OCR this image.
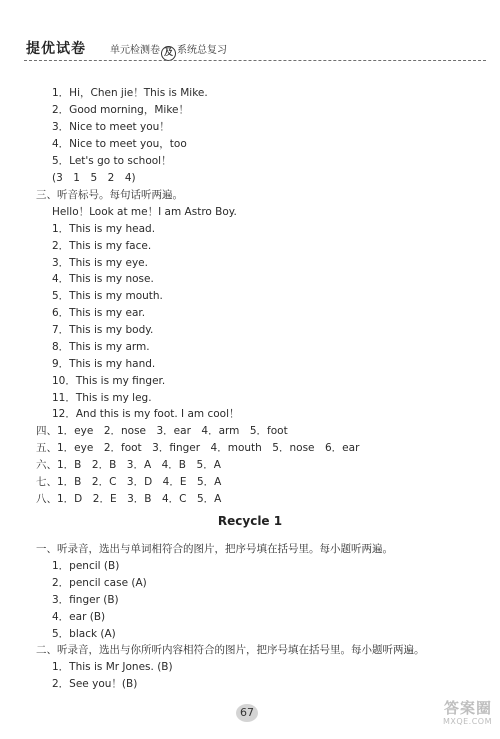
提优试卷 单元检测卷 及 系统总复习
1．Hi，Chen jie！This is Mike.
2．Good morning，Mike！
3．Nice to meet you！
4．Nice to meet you，too
5．Let's go to school！
(3　1　5　2　4)
三、听音标号。每句话听两遍。
Hello！Look at me！I am Astro Boy.
1．This is my head.
2．This is my face.
3．This is my eye.
4．This is my nose.
5．This is my mouth.
6．This is my ear.
7．This is my body.
8．This is my arm.
9．This is my hand.
10．This is my finger.
11．This is my leg.
12．And this is my foot. I am cool！
四、1．eye　2．nose　3．ear　4．arm　5．foot
五、1．eye　2．foot　3．finger　4．mouth　5．nose　6．ear
六、1．B　2．B　3．A　4．B　5．A
七、1．B　2．C　3．D　4．E　5．A
八、1．D　2．E　3．B　4．C　5．A
一、听录音，选出与单词相符合的图片，把序号填在括号里。每小题听两遍。
1．pencil (B)
2．pencil case (A)
3．finger (B)
4．ear (B)
5．black (A)
二、听录音，选出与你所听内容相符合的图片，把序号填在括号里。每小题听两遍。
1．This is Mr Jones. (B)
2．See you！(B)
Recycle 1
67	答案圈
MXQE.COM
